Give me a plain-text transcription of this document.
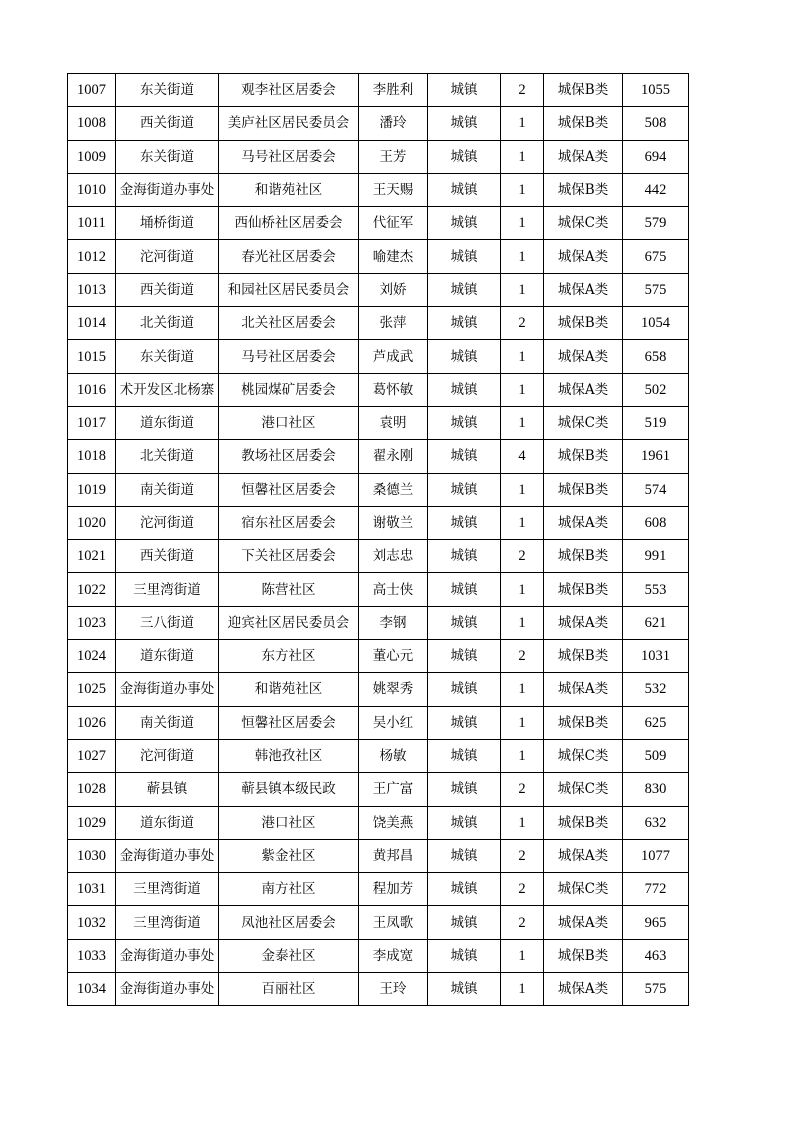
1007	东关街道	观李社区居委会	李胜利	城镇	2	城保B类	1055
1008	西关街道	美庐社区居民委员会	潘玲	城镇	1	城保B类	508
1009	东关街道	马号社区居委会	王芳	城镇	1	城保A类	694
1010	金海街道办事处	和谐苑社区	王天赐	城镇	1	城保B类	442
1011	埇桥街道	西仙桥社区居委会	代征军	城镇	1	城保C类	579
1012	沱河街道	春光社区居委会	喻建杰	城镇	1	城保A类	675
1013	西关街道	和园社区居民委员会	刘娇	城镇	1	城保A类	575
1014	北关街道	北关社区居委会	张萍	城镇	2	城保B类	1054
1015	东关街道	马号社区居委会	芦成武	城镇	1	城保A类	658
1016	术开发区北杨寨	桃园煤矿居委会	葛怀敏	城镇	1	城保A类	502
1017	道东街道	港口社区	袁明	城镇	1	城保C类	519
1018	北关街道	教场社区居委会	翟永刚	城镇	4	城保B类	1961
1019	南关街道	恒馨社区居委会	桑德兰	城镇	1	城保B类	574
1020	沱河街道	宿东社区居委会	谢敬兰	城镇	1	城保A类	608
1021	西关街道	下关社区居委会	刘志忠	城镇	2	城保B类	991
1022	三里湾街道	陈营社区	高士侠	城镇	1	城保B类	553
1023	三八街道	迎宾社区居民委员会	李钢	城镇	1	城保A类	621
1024	道东街道	东方社区	董心元	城镇	2	城保B类	1031
1025	金海街道办事处	和谐苑社区	姚翠秀	城镇	1	城保A类	532
1026	南关街道	恒馨社区居委会	吴小红	城镇	1	城保B类	625
1027	沱河街道	韩池孜社区	杨敏	城镇	1	城保C类	509
1028	蕲县镇	蕲县镇本级民政	王广富	城镇	2	城保C类	830
1029	道东街道	港口社区	饶美燕	城镇	1	城保B类	632
1030	金海街道办事处	紫金社区	黄邦昌	城镇	2	城保A类	1077
1031	三里湾街道	南方社区	程加芳	城镇	2	城保C类	772
1032	三里湾街道	凤池社区居委会	王凤歌	城镇	2	城保A类	965
1033	金海街道办事处	金泰社区	李成宽	城镇	1	城保B类	463
1034	金海街道办事处	百丽社区	王玲	城镇	1	城保A类	575
